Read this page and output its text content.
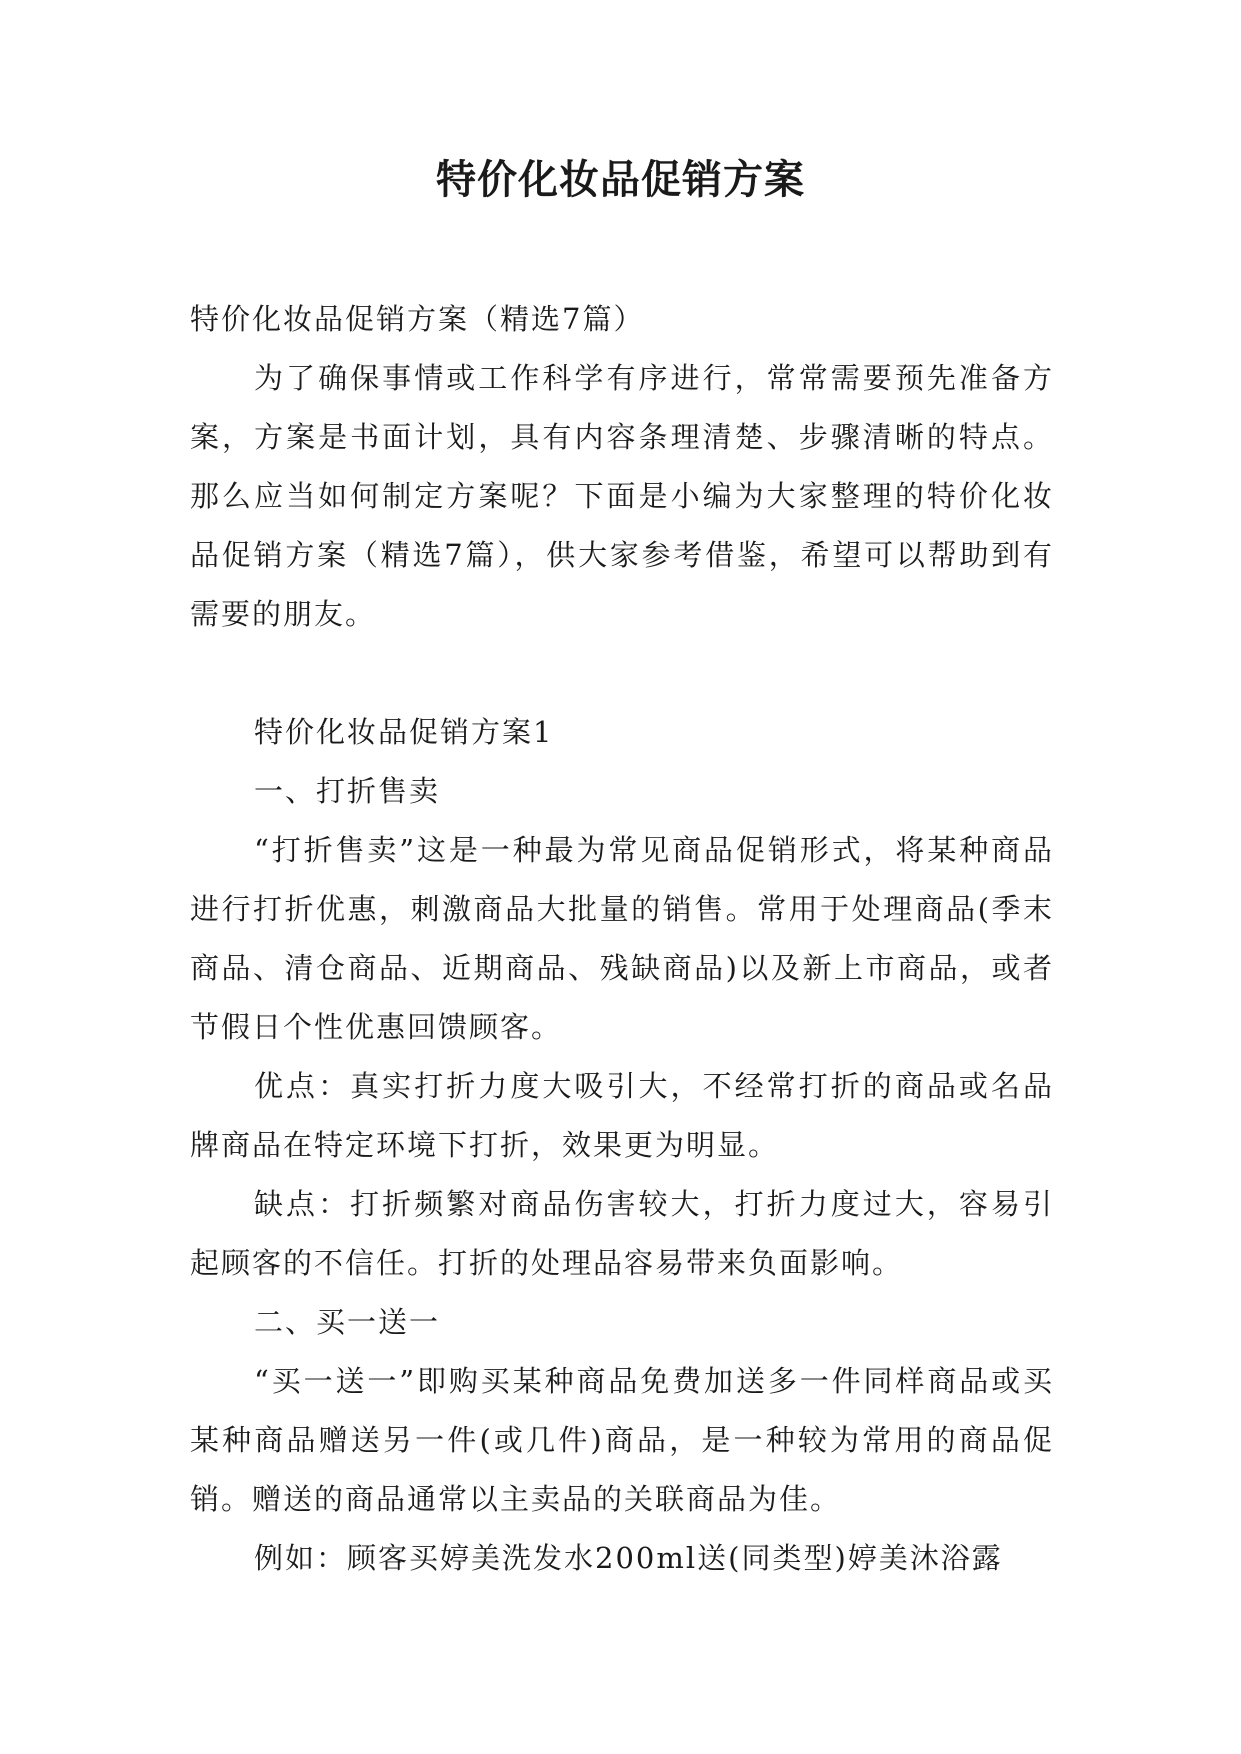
特价化妆品促销方案

特价化妆品促销方案（精选7篇）

为了确保事情或工作科学有序进行，常常需要预先准备方案，方案是书面计划，具有内容条理清楚、步骤清晰的特点。那么应当如何制定方案呢？下面是小编为大家整理的特价化妆品促销方案（精选7篇），供大家参考借鉴，希望可以帮助到有需要的朋友。

特价化妆品促销方案1

一、打折售卖

“打折售卖”这是一种最为常见商品促销形式，将某种商品进行打折优惠，刺激商品大批量的销售。常用于处理商品(季末商品、清仓商品、近期商品、残缺商品)以及新上市商品，或者节假日个性优惠回馈顾客。

优点：真实打折力度大吸引大，不经常打折的商品或名品牌商品在特定环境下打折，效果更为明显。

缺点：打折频繁对商品伤害较大，打折力度过大，容易引起顾客的不信任。打折的处理品容易带来负面影响。

二、买一送一

“买一送一”即购买某种商品免费加送多一件同样商品或买某种商品赠送另一件(或几件)商品，是一种较为常用的商品促销。赠送的商品通常以主卖品的关联商品为佳。

例如：顾客买婷美洗发水200ml送(同类型)婷美沐浴露
